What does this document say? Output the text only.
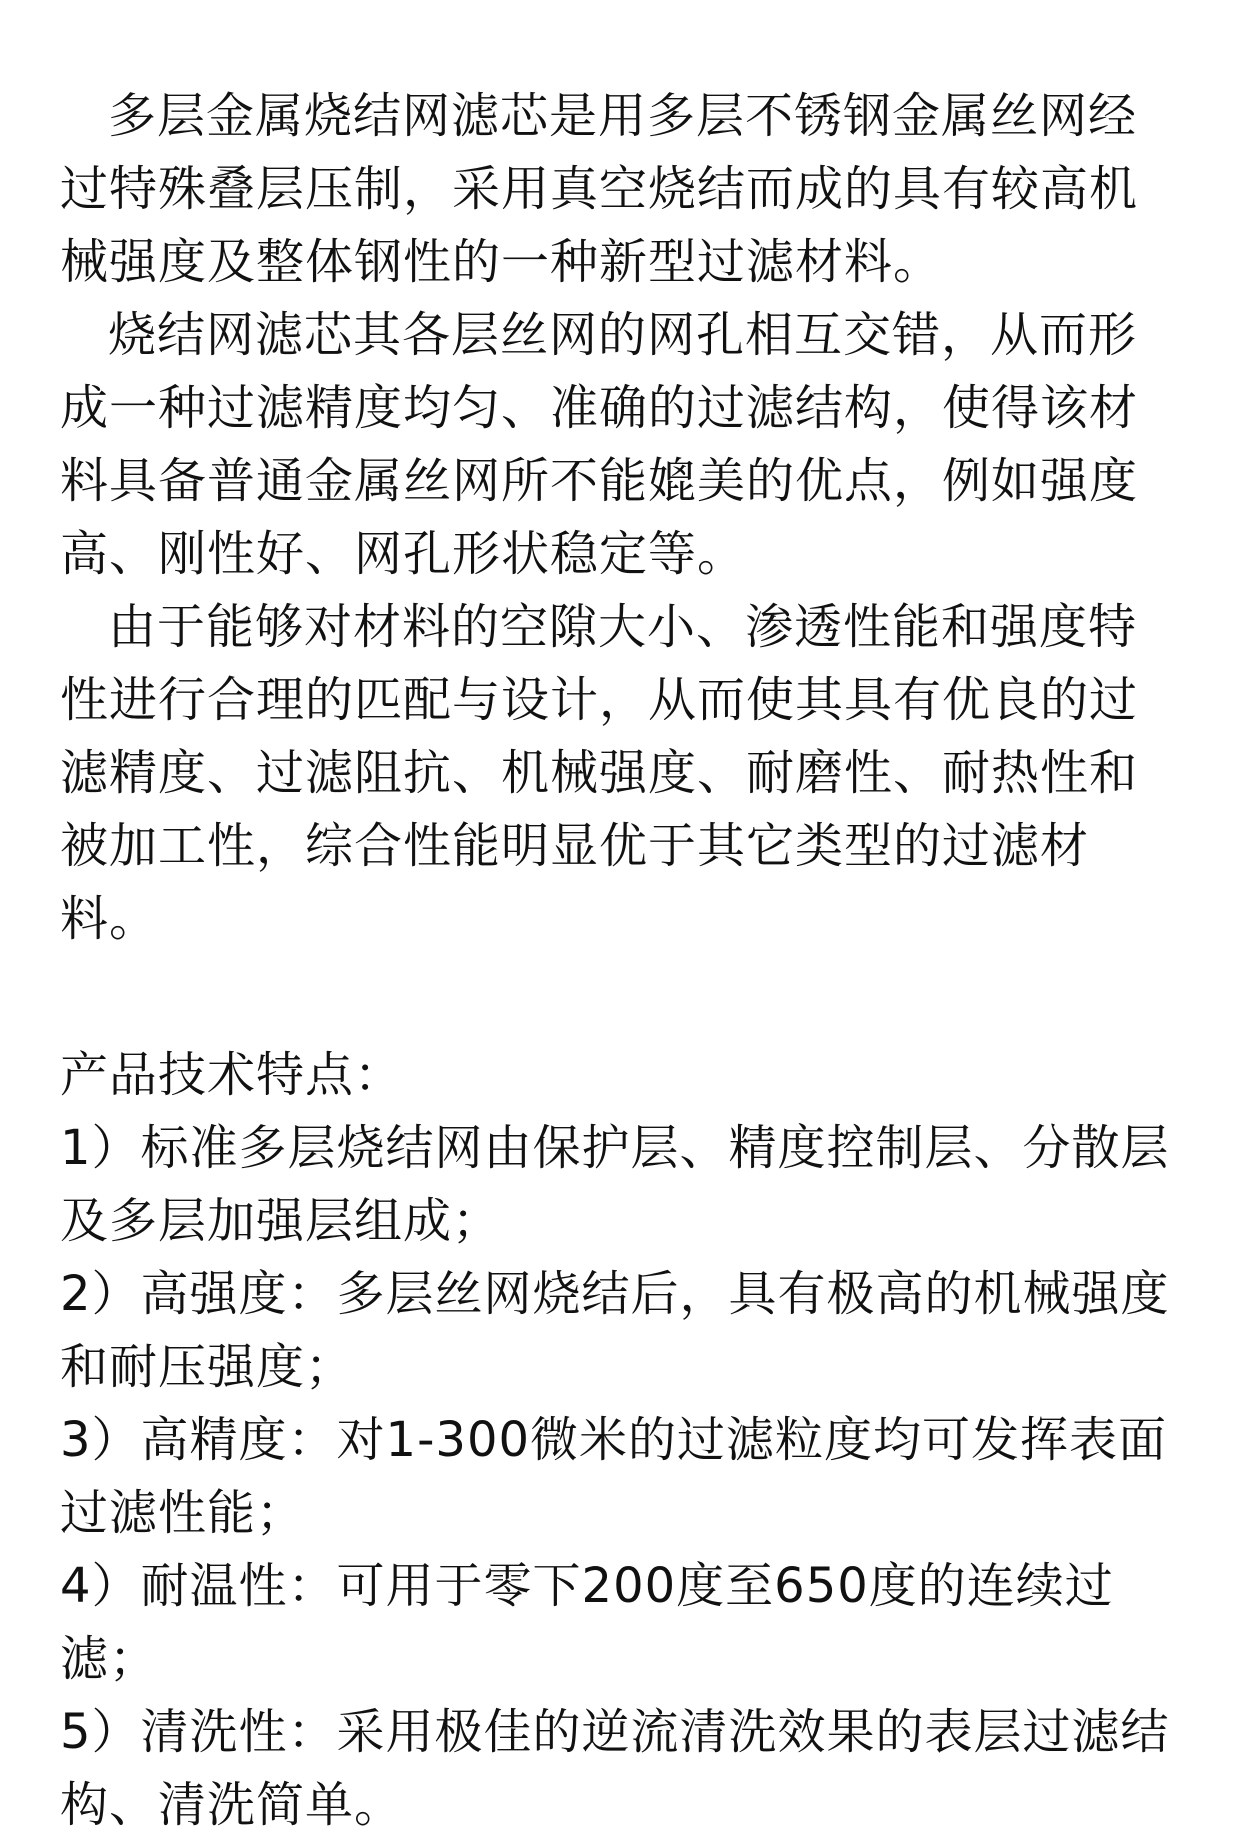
多层金属烧结网滤芯是用多层不锈钢金属丝网经过特殊叠层压制，采用真空烧结而成的具有较高机械强度及整体钢性的一种新型过滤材料。

烧结网滤芯其各层丝网的网孔相互交错，从而形成一种过滤精度均匀、准确的过滤结构，使得该材料具备普通金属丝网所不能媲美的优点，例如强度高、刚性好、网孔形状稳定等。

由于能够对材料的空隙大小、渗透性能和强度特性进行合理的匹配与设计，从而使其具有优良的过滤精度、过滤阻抗、机械强度、耐磨性、耐热性和被加工性，综合性能明显优于其它类型的过滤材料。

产品技术特点：

1）标准多层烧结网由保护层、精度控制层、分散层及多层加强层组成；
2）高强度：多层丝网烧结后，具有极高的机械强度和耐压强度；
3）高精度：对1-300微米的过滤粒度均可发挥表面过滤性能；
4）耐温性：可用于零下200度至650度的连续过滤；
5）清洗性：采用极佳的逆流清洗效果的表层过滤结构、清洗简单。
